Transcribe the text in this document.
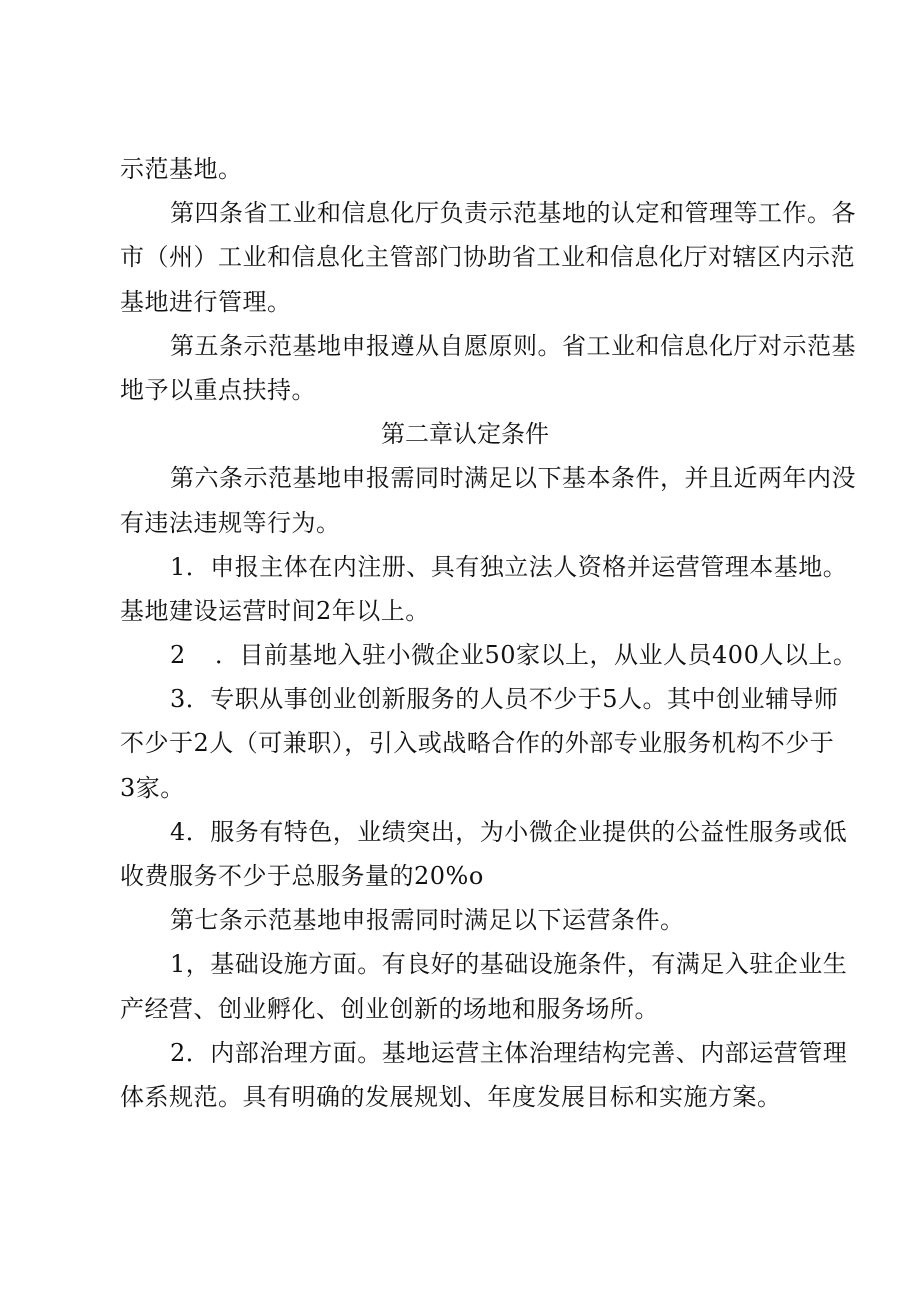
示范基地。
第四条省工业和信息化厅负责示范基地的认定和管理等工作。各
市（州）工业和信息化主管部门协助省工业和信息化厅对辖区内示范
基地进行管理。
第五条示范基地申报遵从自愿原则。省工业和信息化厅对示范基
地予以重点扶持。
第二章认定条件
第六条示范基地申报需同时满足以下基本条件，并且近两年内没
有违法违规等行为。
1．申报主体在内注册、具有独立法人资格并运营管理本基地。
基地建设运营时间2年以上。
2 ．目前基地入驻小微企业50家以上，从业人员400人以上。
3．专职从事创业创新服务的人员不少于5人。其中创业辅导师
不少于2人（可兼职），引入或战略合作的外部专业服务机构不少于
3家。
4．服务有特色，业绩突出，为小微企业提供的公益性服务或低
收费服务不少于总服务量的20%o
第七条示范基地申报需同时满足以下运营条件。
1，基础设施方面。有良好的基础设施条件，有满足入驻企业生
产经营、创业孵化、创业创新的场地和服务场所。
2．内部治理方面。基地运营主体治理结构完善、内部运营管理
体系规范。具有明确的发展规划、年度发展目标和实施方案。
